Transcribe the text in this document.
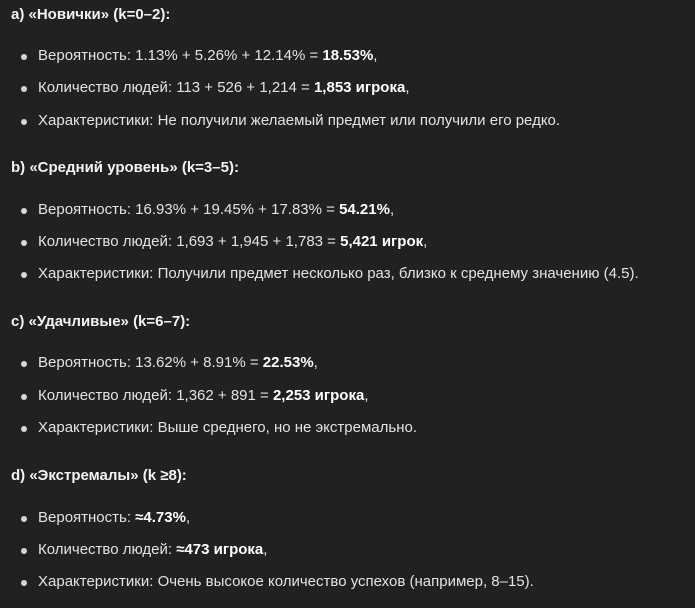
a) «Новички» (k=0–2):
Вероятность: 1.13% + 5.26% + 12.14% = 18.53%,
Количество людей: 113 + 526 + 1,214 = 1,853 игрока,
Характеристики: Не получили желаемый предмет или получили его редко.
b) «Средний уровень» (k=3–5):
Вероятность: 16.93% + 19.45% + 17.83% = 54.21%,
Количество людей: 1,693 + 1,945 + 1,783 = 5,421 игрок,
Характеристики: Получили предмет несколько раз, близко к среднему значению (4.5).
c) «Удачливые» (k=6–7):
Вероятность: 13.62% + 8.91% = 22.53%,
Количество людей: 1,362 + 891 = 2,253 игрока,
Характеристики: Выше среднего, но не экстремально.
d) «Экстремалы» (k ≥8):
Вероятность: ≈4.73%,
Количество людей: ≈473 игрока,
Характеристики: Очень высокое количество успехов (например, 8–15).
